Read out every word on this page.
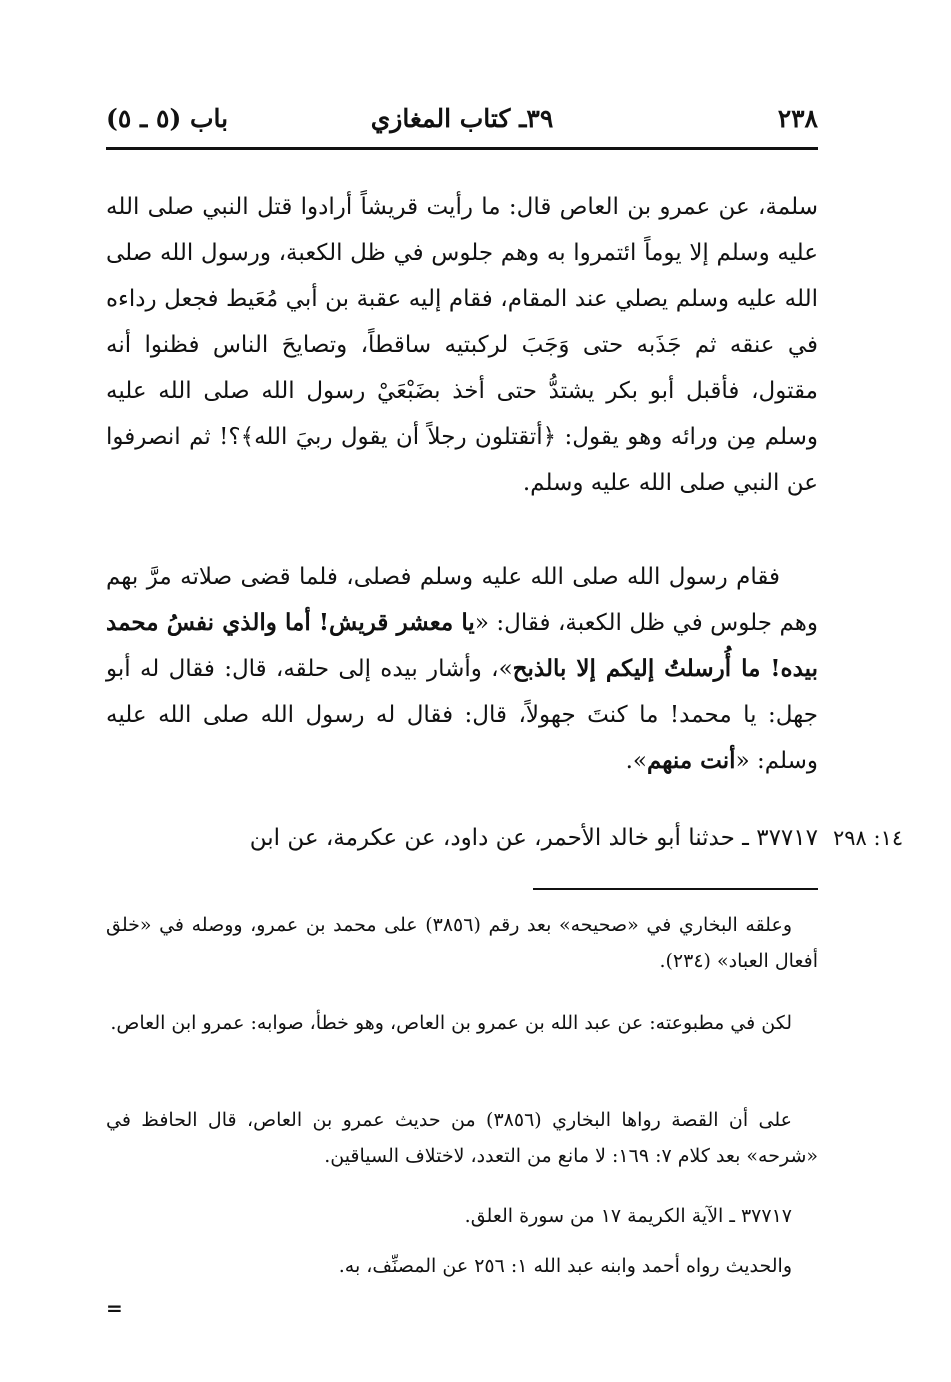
٢٣٨
٣٩ـ كتاب المغازي
باب (٥ ـ ٥)
سلمة، عن عمرو بن العاص قال: ما رأيت قريشاً أرادوا قتل النبي صلى الله عليه وسلم إلا يوماً ائتمروا به وهم جلوس في ظل الكعبة، ورسول الله صلى الله عليه وسلم يصلي عند المقام، فقام إليه عقبة بن أبي مُعَيط فجعل رداءه في عنقه ثم جَذَبه حتى وَجَبَ لركبتيه ساقطاً، وتصايحَ الناس فظنوا أنه مقتول، فأقبل أبو بكر يشتدُّ حتى أخذ بضَبْعَيْ رسول الله صلى الله عليه وسلم مِن ورائه وهو يقول: ﴿أتقتلون رجلاً أن يقول ربيَ الله﴾؟! ثم انصرفوا عن النبي صلى الله عليه وسلم.
فقام رسول الله صلى الله عليه وسلم فصلى، فلما قضى صلاته مرَّ بهم وهم جلوس في ظل الكعبة، فقال: «يا معشر قريش! أما والذي نفسُ محمد بيده! ما أُرسلتُ إليكم إلا بالذبح»، وأشار بيده إلى حلقه، قال: فقال له أبو جهل: يا محمد! ما كنتَ جهولاً، قال: فقال له رسول الله صلى الله عليه وسلم: «أنت منهم».
٣٧٧١٧ ـ حدثنا أبو خالد الأحمر، عن داود، عن عكرمة، عن ابن ١٤: ٢٩٨
وعلقه البخاري في «صحيحه» بعد رقم (٣٨٥٦) على محمد بن عمرو، ووصله في «خلق أفعال العباد» (٢٣٤).
لكن في مطبوعته: عن عبد الله بن عمرو بن العاص، وهو خطأ، صوابه: عمرو ابن العاص.
على أن القصة رواها البخاري (٣٨٥٦) من حديث عمرو بن العاص، قال الحافظ في «شرحه» بعد كلام ٧: ١٦٩: لا مانع من التعدد، لاختلاف السياقين.
٣٧٧١٧ ـ الآية الكريمة ١٧ من سورة العلق.
والحديث رواه أحمد وابنه عبد الله ١: ٢٥٦ عن المصنِّف، به.
=
